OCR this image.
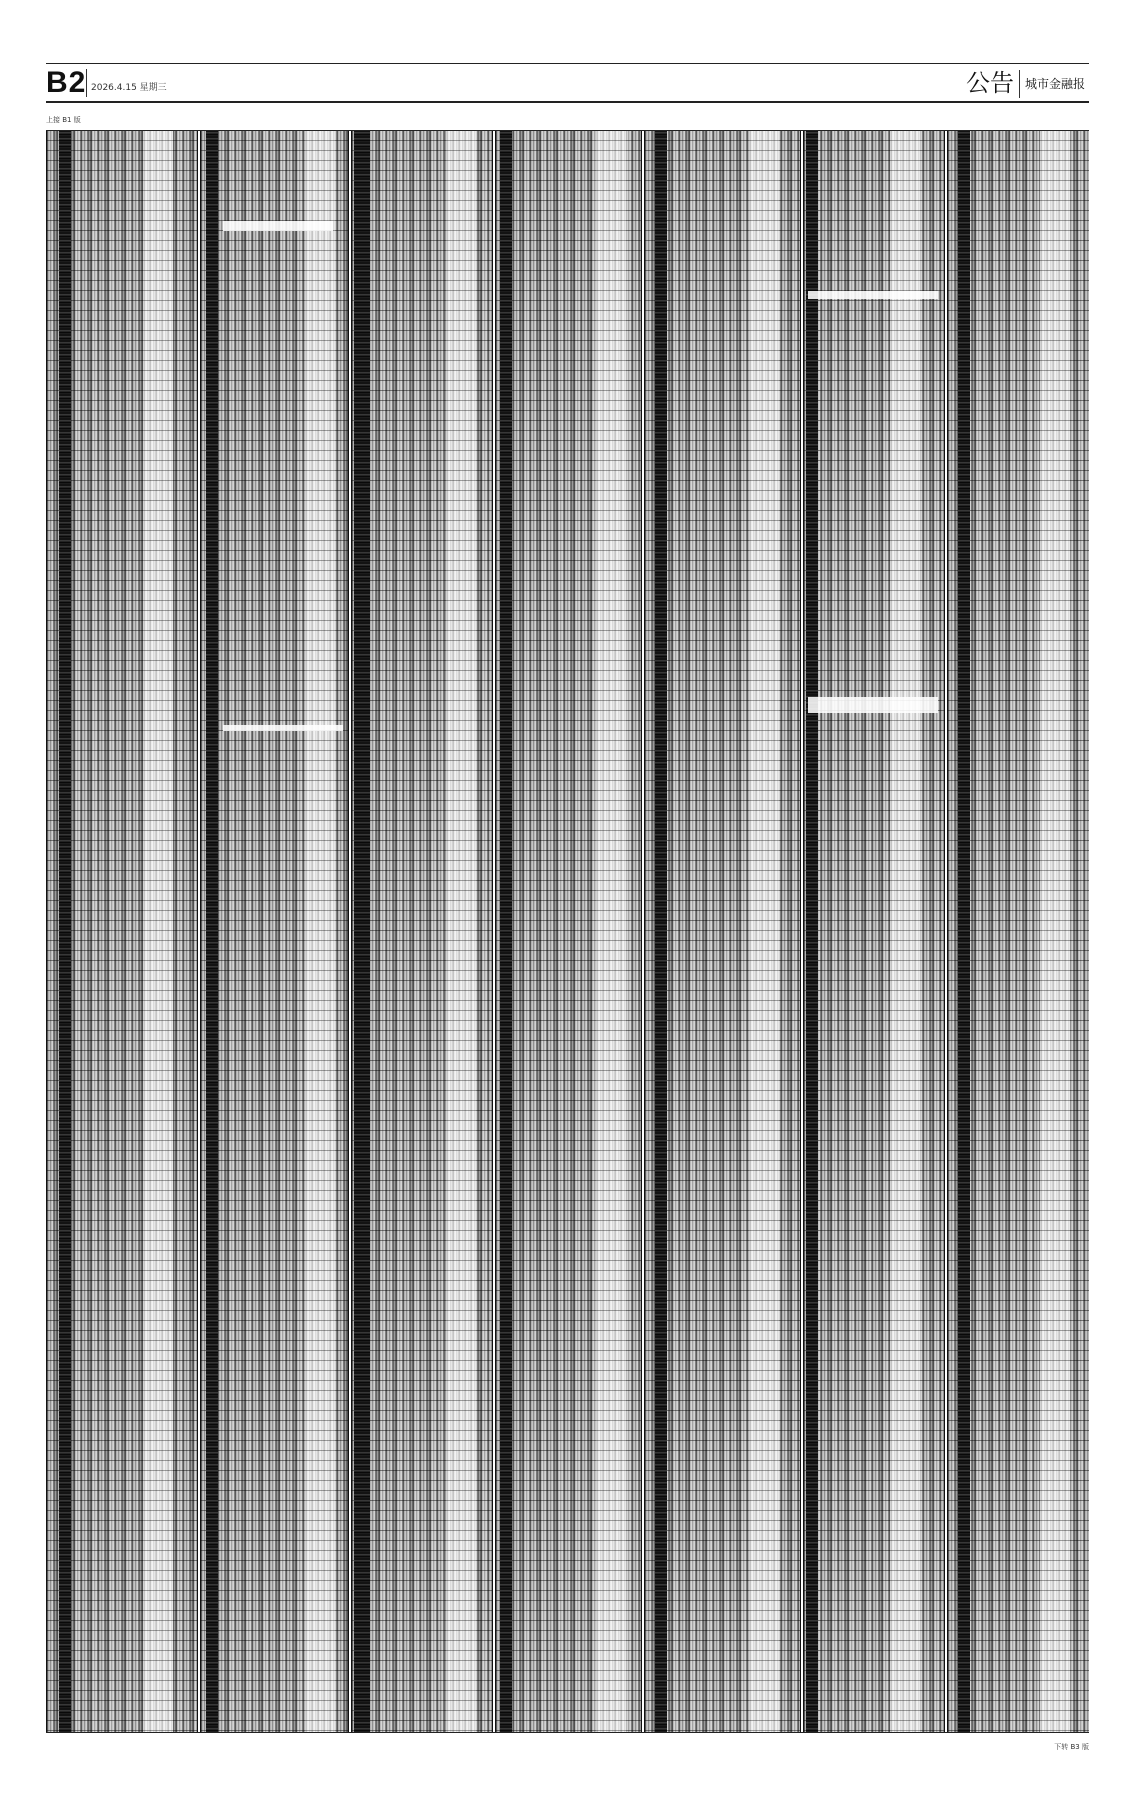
B2 2026.4.15 星期三	公告 城市金融报
上接 B1 版
下转 B3 版
